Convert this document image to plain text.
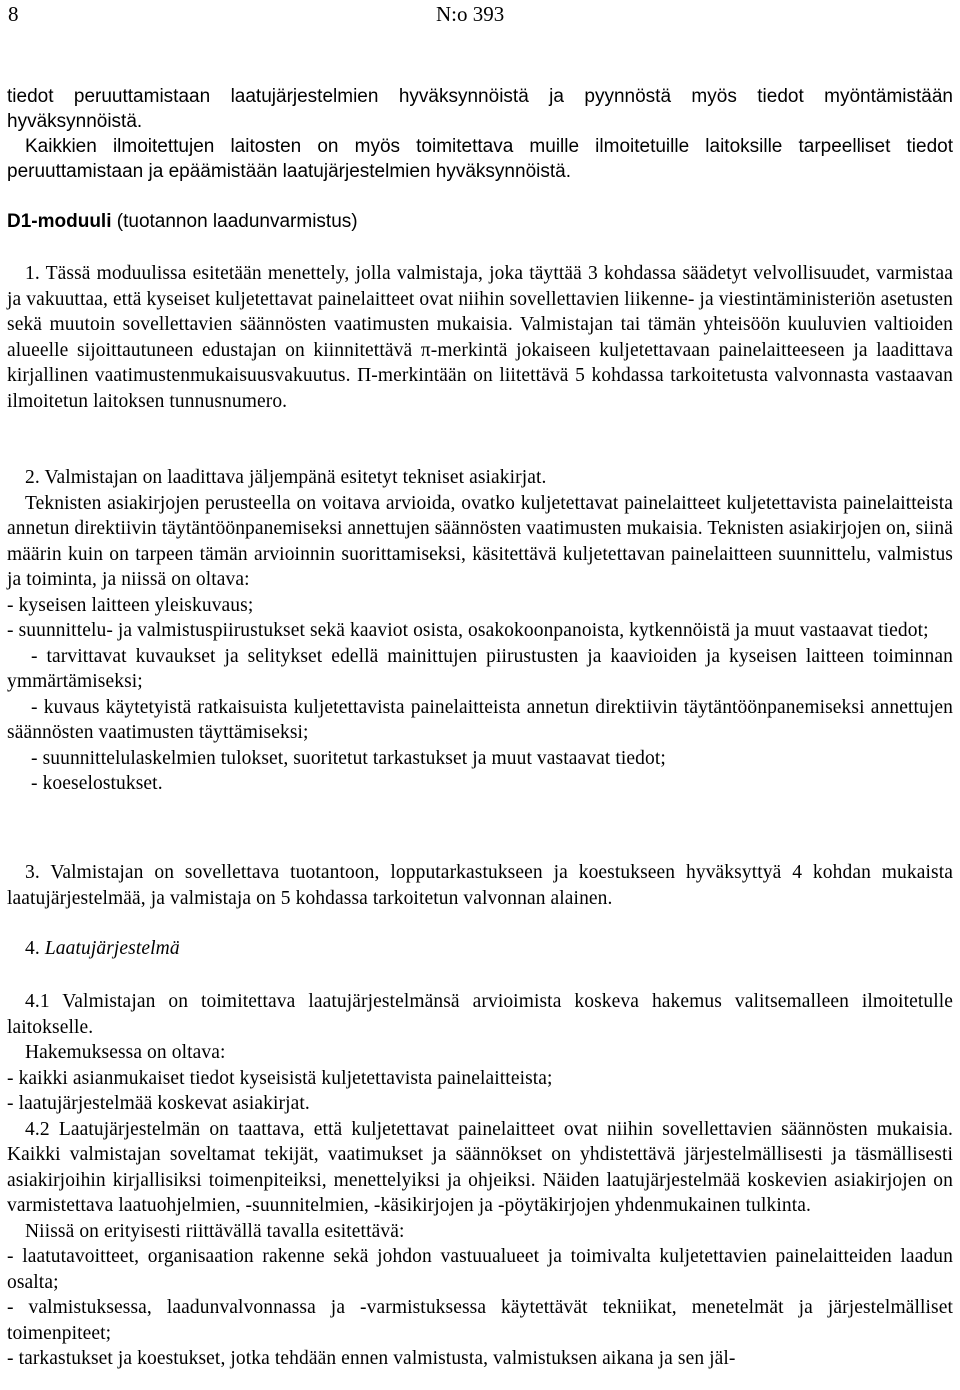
8	N:o 393
tiedot peruuttamistaan laatujärjestelmien hyväksynnöistä ja pyynnöstä myös tiedot myöntämistään hyväksynnöistä.
Kaikkien ilmoitettujen laitosten on myös toimitettava muille ilmoitetuille laitoksille tarpeelliset tiedot peruuttamistaan ja epäämistään laatujärjestelmien hyväksynnöistä.
D1-moduuli (tuotannon laadunvarmistus)

1. Tässä moduulissa esitetään menettely, jolla valmistaja, joka täyttää 3 kohdassa säädetyt velvollisuudet, varmistaa ja vakuuttaa, että kyseiset kuljetettavat painelaitteet ovat niihin sovellettavien liikenne- ja viestintäministeriön asetusten sekä muutoin sovellettavien säännösten vaatimusten mukaisia. Valmistajan tai tämän yhteisöön kuuluvien valtioiden alueelle sijoittautuneen edustajan on kiinnitettävä π-merkintä jokaiseen kuljetettavaan painelaitteeseen ja laadittava kirjallinen vaatimustenmukaisuusvakuutus. Π-merkintään on liitettävä 5 kohdassa tarkoitetusta valvonnasta vastaavan ilmoitetun laitoksen tunnusnumero.

2. Valmistajan on laadittava jäljempänä esitetyt tekniset asiakirjat.

Teknisten asiakirjojen perusteella on voitava arvioida, ovatko kuljetettavat painelaitteet kuljetettavista painelaitteista annetun direktiivin täytäntöönpanemiseksi annettujen säännösten vaatimusten mukaisia. Teknisten asiakirjojen on, siinä määrin kuin on tarpeen tämän arvioinnin suorittamiseksi, käsitettävä kuljetettavan painelaitteen suunnittelu, valmistus ja toiminta, ja niissä on oltava:

- kyseisen laitteen yleiskuvaus;

- suunnittelu- ja valmistuspiirustukset sekä kaaviot osista, osakokoonpanoista, kytkennöistä ja muut vastaavat tiedot;

- tarvittavat kuvaukset ja selitykset edellä mainittujen piirustusten ja kaavioiden ja kyseisen laitteen toiminnan ymmärtämiseksi;

- kuvaus käytetyistä ratkaisuista kuljetettavista painelaitteista annetun direktiivin täytäntöönpanemiseksi annettujen säännösten vaatimusten täyttämiseksi;

- suunnittelulaskelmien tulokset, suoritetut tarkastukset ja muut vastaavat tiedot;

- koeselostukset.

3. Valmistajan on sovellettava tuotantoon, lopputarkastukseen ja koestukseen hyväksyttyä 4 kohdan mukaista laatujärjestelmää, ja valmistaja on 5 kohdassa tarkoitetun valvonnan alainen.

4. Laatujärjestelmä

4.1 Valmistajan on toimitettava laatujärjestelmänsä arvioimista koskeva hakemus valitsemalleen ilmoitetulle laitokselle.

Hakemuksessa on oltava:

- kaikki asianmukaiset tiedot kyseisistä kuljetettavista painelaitteista;

- laatujärjestelmää koskevat asiakirjat.

4.2 Laatujärjestelmän on taattava, että kuljetettavat painelaitteet ovat niihin sovellettavien säännösten mukaisia. Kaikki valmistajan soveltamat tekijät, vaatimukset ja säännökset on yhdistettävä järjestelmällisesti ja täsmällisesti asiakirjoihin kirjallisiksi toimenpiteiksi, menettelyiksi ja ohjeiksi. Näiden laatujärjestelmää koskevien asiakirjojen on varmistettava laatuohjelmien, -suunnitelmien, -käsikirjojen ja -pöytäkirjojen yhdenmukainen tulkinta.

Niissä on erityisesti riittävällä tavalla esitettävä:

- laatutavoitteet, organisaation rakenne sekä johdon vastuualueet ja toimivalta kuljetettavien painelaitteiden laadun osalta;

- valmistuksessa, laadunvalvonnassa ja -varmistuksessa käytettävät tekniikat, menetelmät ja järjestelmälliset toimenpiteet;

- tarkastukset ja koestukset, jotka tehdään ennen valmistusta, valmistuksen aikana ja sen jäl-
